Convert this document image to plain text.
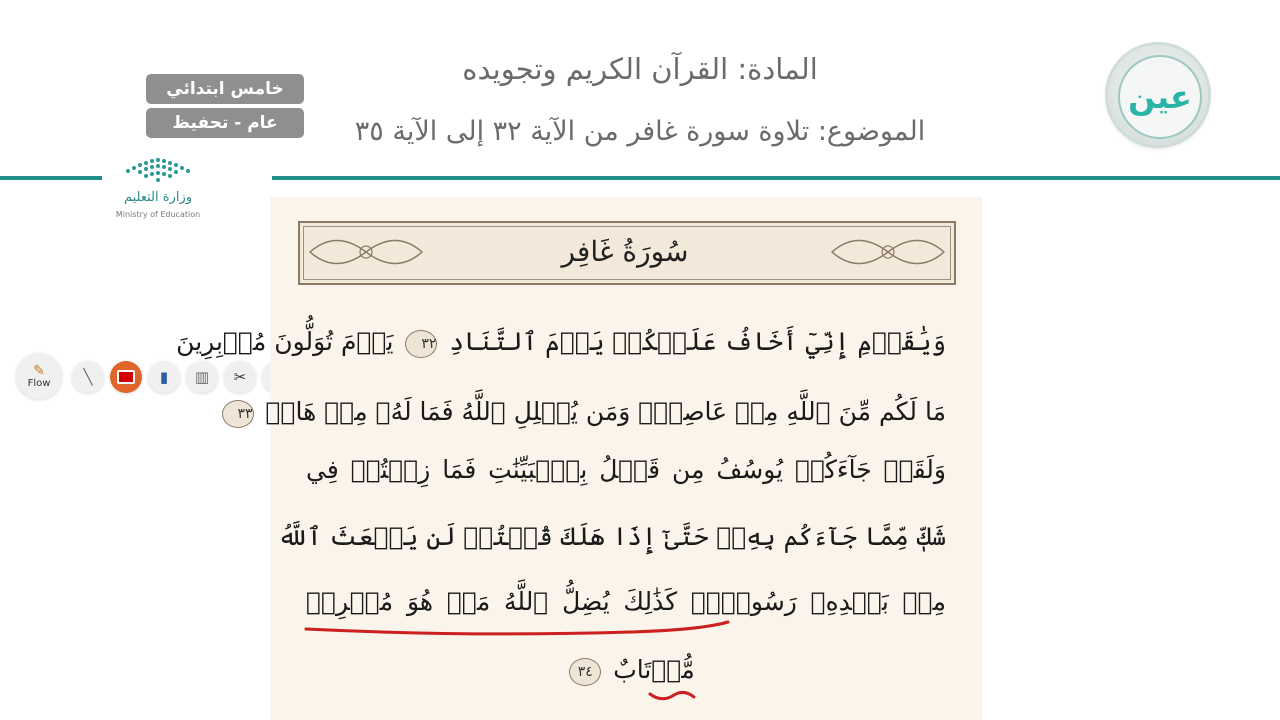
المادة: القرآن الكريم وتجويده
الموضوع: تلاوة سورة غافر من الآية ٣٢ إلى الآية ٣٥
خامس ابتدائي
عام - تحفيظ
وزارة التعليم
Ministry of Education
عين
✎
Flow ╲	▮ ▥ ✂
سُورَةُ غَافِر
وَيَٰقَوۡمِ إِنِّيٓ أَخَافُ عَلَيۡكُمۡ يَوۡمَ ٱلتَّنَادِ ٣٢ يَوۡمَ تُوَلُّونَ مُدۡبِرِينَ
مَا لَكُم مِّنَ ٱللَّهِ مِنۡ عَاصِمٖۗ وَمَن يُضۡلِلِ ٱللَّهُ فَمَا لَهُۥ مِنۡ هَادٖ ٣٣
وَلَقَدۡ جَآءَكُمۡ يُوسُفُ مِن قَبۡلُ بِٱلۡبَيِّنَٰتِ فَمَا زِلۡتُمۡ فِي
شَكّٖ مِّمَّا جَآءَكُم بِهِۦۖ حَتَّىٰٓ إِذَا هَلَكَ قُلۡتُمۡ لَن يَبۡعَثَ ٱللَّهُ
مِنۢ بَعۡدِهِۦ رَسُولٗاۚ كَذَٰلِكَ يُضِلُّ ٱللَّهُ مَنۡ هُوَ مُسۡرِفٞ
مُّرۡتَابٌ ٣٤
